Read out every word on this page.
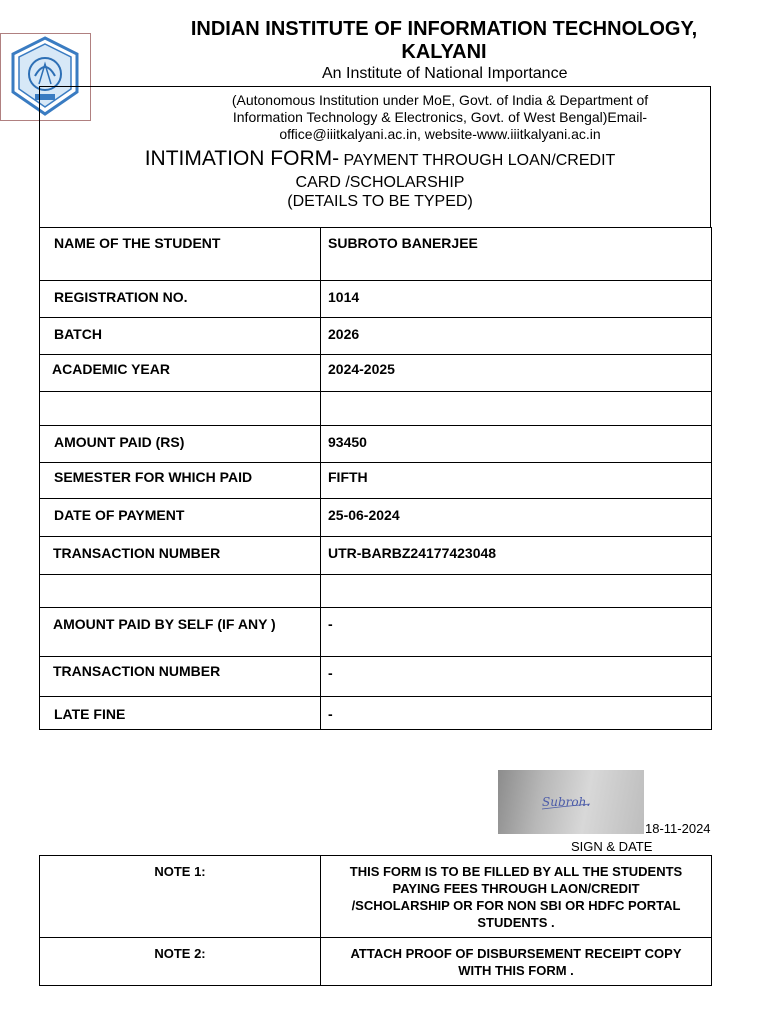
INDIAN INSTITUTE OF INFORMATION TECHNOLOGY, KALYANI
An Institute of National Importance
(Autonomous Institution under MoE, Govt. of India & Department of Information Technology & Electronics, Govt. of West Bengal)Email-office@iiitkalyani.ac.in, website-www.iiitkalyani.ac.in
INTIMATION FORM- PAYMENT THROUGH LOAN/CREDIT
CARD /SCHOLARSHIP
(DETAILS TO BE TYPED)
NAME OF THE STUDENT	SUBROTO BANERJEE
REGISTRATION NO.	1014
BATCH	2026
ACADEMIC YEAR	2024-2025

AMOUNT PAID (RS)	93450
SEMESTER FOR WHICH PAID	FIFTH
DATE OF PAYMENT	25-06-2024
TRANSACTION NUMBER	UTR-BARBZ24177423048

AMOUNT PAID BY SELF (IF ANY )	-
TRANSACTION NUMBER	-
LATE FINE	-
Subroh.
18-11-2024
SIGN & DATE
NOTE 1:	THIS FORM IS TO BE FILLED BY ALL THE STUDENTS PAYING FEES THROUGH LAON/CREDIT /SCHOLARSHIP OR FOR NON SBI OR HDFC PORTAL STUDENTS .
NOTE 2:	ATTACH PROOF OF DISBURSEMENT RECEIPT COPY WITH THIS FORM .
